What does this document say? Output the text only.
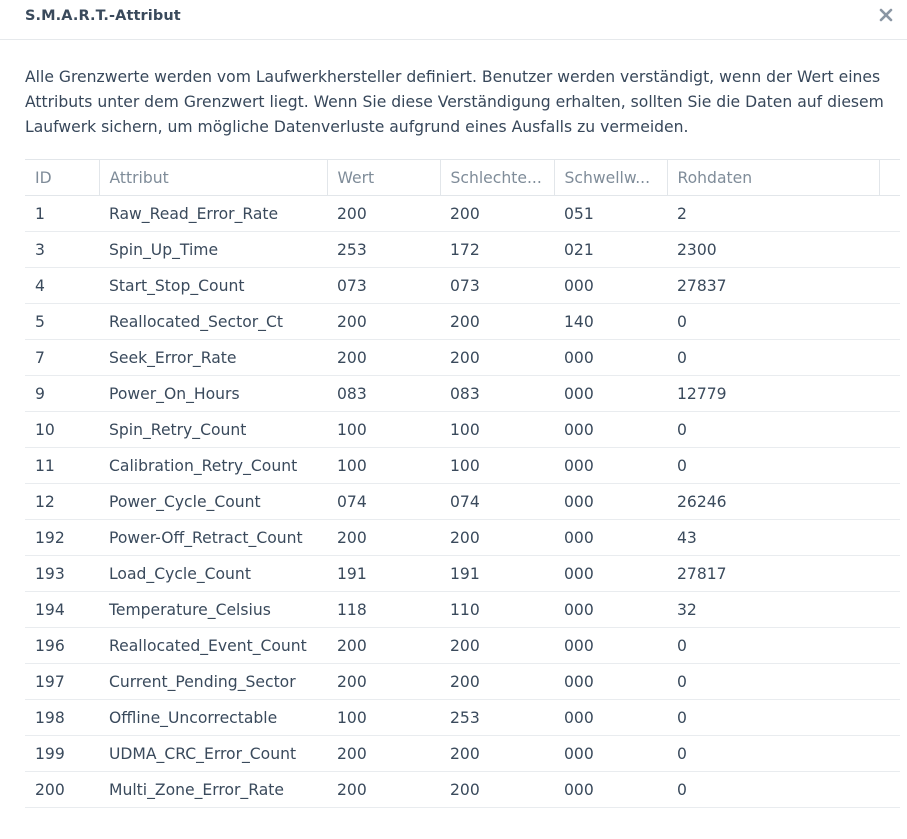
S.M.A.R.T.-Attribut
Alle Grenzwerte werden vom Laufwerkhersteller definiert. Benutzer werden verständigt, wenn der Wert eines Attributs unter dem Grenzwert liegt. Wenn Sie diese Verständigung erhalten, sollten Sie die Daten auf diesem Laufwerk sichern, um mögliche Datenverluste aufgrund eines Ausfalls zu vermeiden.
ID	Attribut	Wert	Schlechte...	Schwellw...	Rohdaten	
1	Raw_Read_Error_Rate	200	200	051	2	
3	Spin_Up_Time	253	172	021	2300	
4	Start_Stop_Count	073	073	000	27837	
5	Reallocated_Sector_Ct	200	200	140	0	
7	Seek_Error_Rate	200	200	000	0	
9	Power_On_Hours	083	083	000	12779	
10	Spin_Retry_Count	100	100	000	0	
11	Calibration_Retry_Count	100	100	000	0	
12	Power_Cycle_Count	074	074	000	26246	
192	Power-Off_Retract_Count	200	200	000	43	
193	Load_Cycle_Count	191	191	000	27817	
194	Temperature_Celsius	118	110	000	32	
196	Reallocated_Event_Count	200	200	000	0	
197	Current_Pending_Sector	200	200	000	0	
198	Offline_Uncorrectable	100	253	000	0	
199	UDMA_CRC_Error_Count	200	200	000	0	
200	Multi_Zone_Error_Rate	200	200	000	0	
